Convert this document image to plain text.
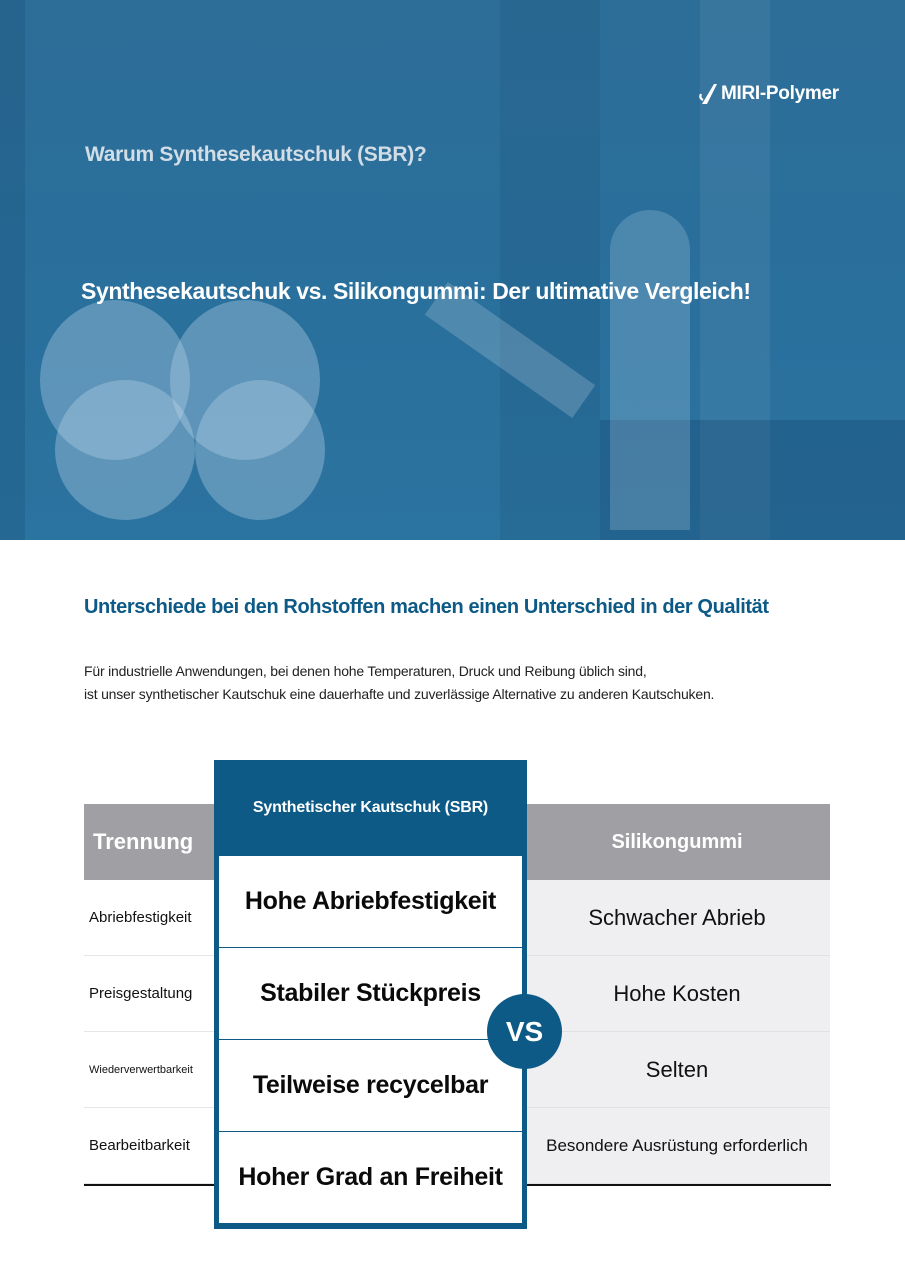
MIRI-Polymer
Warum Synthesekautschuk (SBR)?
Synthesekautschuk vs. Silikongummi: Der ultimative Vergleich!
Unterschiede bei den Rohstoffen machen einen Unterschied in der Qualität
Für industrielle Anwendungen, bei denen hohe Temperaturen, Druck und Reibung üblich sind,
ist unser synthetischer Kautschuk eine dauerhafte und zuverlässige Alternative zu anderen Kautschuken.
Trennung	Silikongummi
Abriebfestigkeit
Preisgestaltung
Wiederverwertbarkeit
Bearbeitbarkeit
Schwacher Abrieb
Hohe Kosten
Selten
Besondere Ausrüstung erforderlich
Synthetischer Kautschuk (SBR)
Hohe Abriebfestigkeit
Stabiler Stückpreis
Teilweise recycelbar
Hoher Grad an Freiheit
VS
